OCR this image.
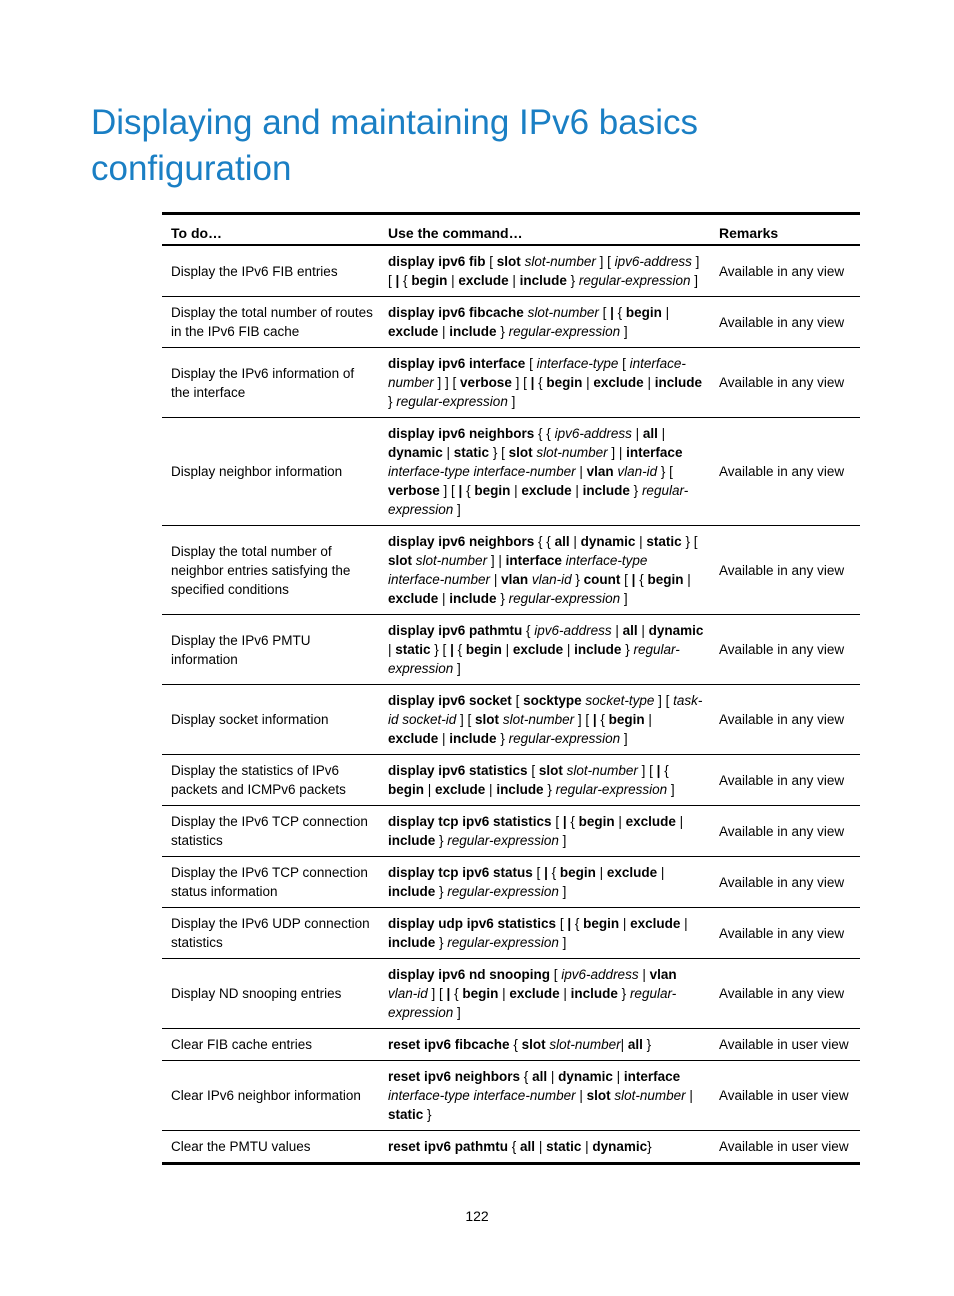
Displaying and maintaining IPv6 basics configuration
To do…	Use the command…	Remarks
Display the IPv6 FIB entries	display ipv6 fib [ slot slot-number ] [ ipv6-address ] [ | { begin | exclude | include } regular-expression ]	Available in any view
Display the total number of routes in the IPv6 FIB cache	display ipv6 fibcache slot-number [ | { begin | exclude | include } regular-expression ]	Available in any view
Display the IPv6 information of the interface	display ipv6 interface [ interface-type [ interface-number ] ] [ verbose ] [ | { begin | exclude | include } regular-expression ]	Available in any view
Display neighbor information	display ipv6 neighbors { { ipv6-address | all | dynamic | static } [ slot slot-number ] | interface interface-type interface-number | vlan vlan-id } [ verbose ] [ | { begin | exclude | include } regular-expression ]	Available in any view
Display the total number of neighbor entries satisfying the specified conditions	display ipv6 neighbors { { all | dynamic | static } [ slot slot-number ] | interface interface-type interface-number | vlan vlan-id } count [ | { begin | exclude | include } regular-expression ]	Available in any view
Display the IPv6 PMTU information	display ipv6 pathmtu { ipv6-address | all | dynamic | static } [ | { begin | exclude | include } regular-expression ]	Available in any view
Display socket information	display ipv6 socket [ socktype socket-type ] [ task-id socket-id ] [ slot slot-number ] [ | { begin | exclude | include } regular-expression ]	Available in any view
Display the statistics of IPv6 packets and ICMPv6 packets	display ipv6 statistics [ slot slot-number ] [ | { begin | exclude | include } regular-expression ]	Available in any view
Display the IPv6 TCP connection statistics	display tcp ipv6 statistics [ | { begin | exclude | include } regular-expression ]	Available in any view
Display the IPv6 TCP connection status information	display tcp ipv6 status [ | { begin | exclude | include } regular-expression ]	Available in any view
Display the IPv6 UDP connection statistics	display udp ipv6 statistics [ | { begin | exclude | include } regular-expression ]	Available in any view
Display ND snooping entries	display ipv6 nd snooping [ ipv6-address | vlan vlan-id ] [ | { begin | exclude | include } regular-expression ]	Available in any view
Clear FIB cache entries	reset ipv6 fibcache { slot slot-number| all }	Available in user view
Clear IPv6 neighbor information	reset ipv6 neighbors { all | dynamic | interface interface-type interface-number | slot slot-number | static }	Available in user view
Clear the PMTU values	reset ipv6 pathmtu { all | static | dynamic}	Available in user view
122
